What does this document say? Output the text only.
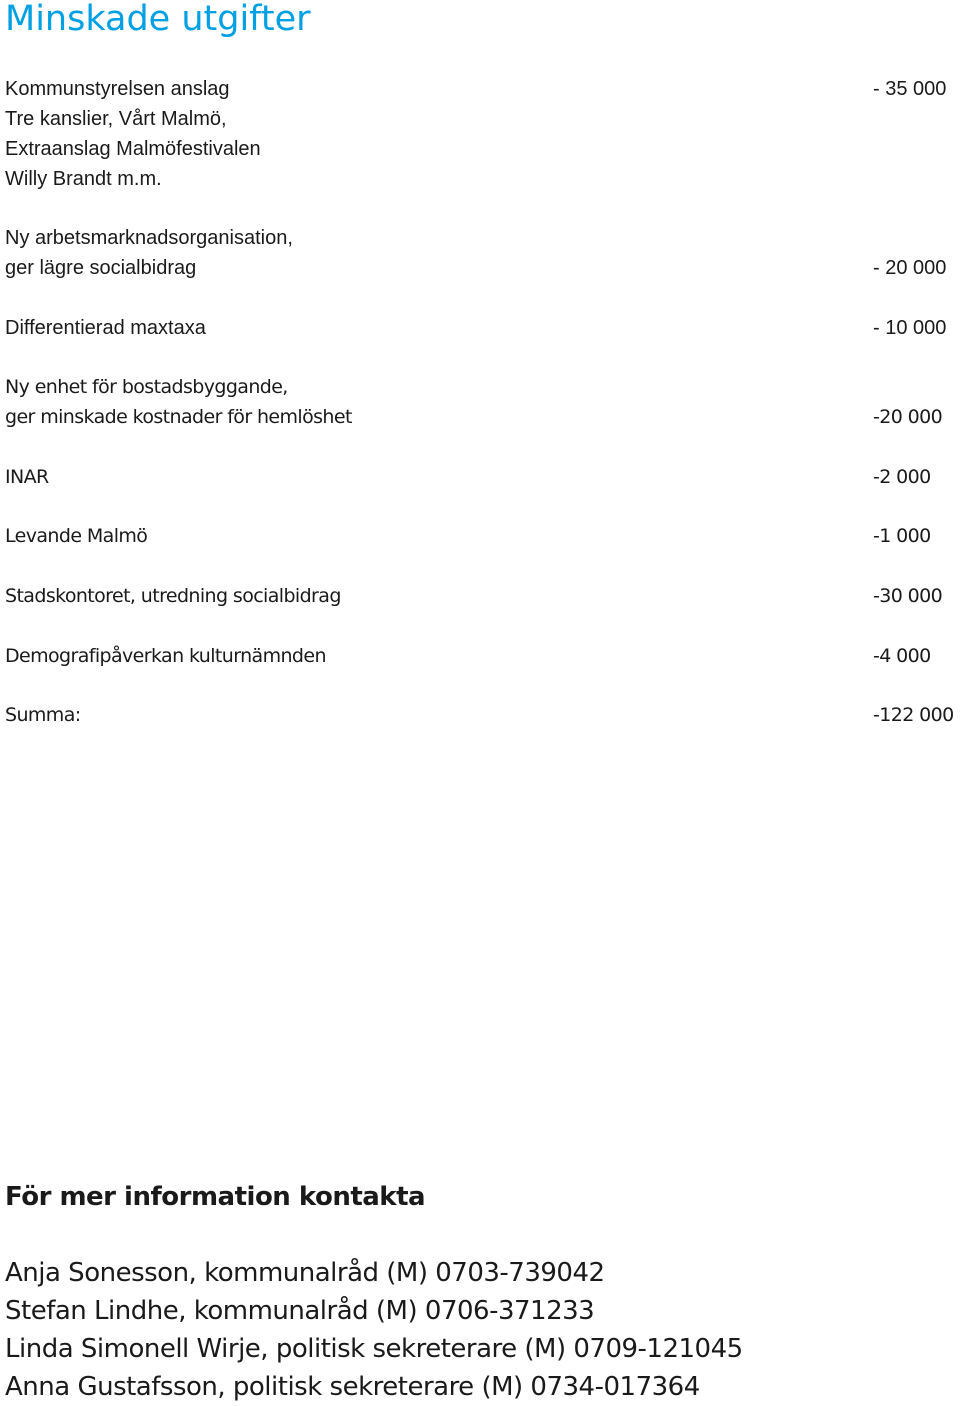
Minskade utgifter
Kommunstyrelsen anslag	- 35 000
Tre kanslier, Vårt Malmö,
Extraanslag Malmöfestivalen
Willy Brandt m.m.
Ny arbetsmarknadsorganisation,
ger lägre socialbidrag	- 20 000
Differentierad maxtaxa	- 10 000
Ny enhet för bostadsbyggande,
ger minskade kostnader för hemlöshet	-20 000
INAR	-2 000
Levande Malmö	-1 000
Stadskontoret, utredning socialbidrag	-30 000
Demografipåverkan kulturnämnden	-4 000
Summa:	-122 000
För mer information kontakta
Anja Sonesson, kommunalråd (M) 0703-739042
Stefan Lindhe, kommunalråd (M) 0706-371233
Linda Simonell Wirje, politisk sekreterare (M) 0709-121045
Anna Gustafsson, politisk sekreterare (M) 0734-017364
